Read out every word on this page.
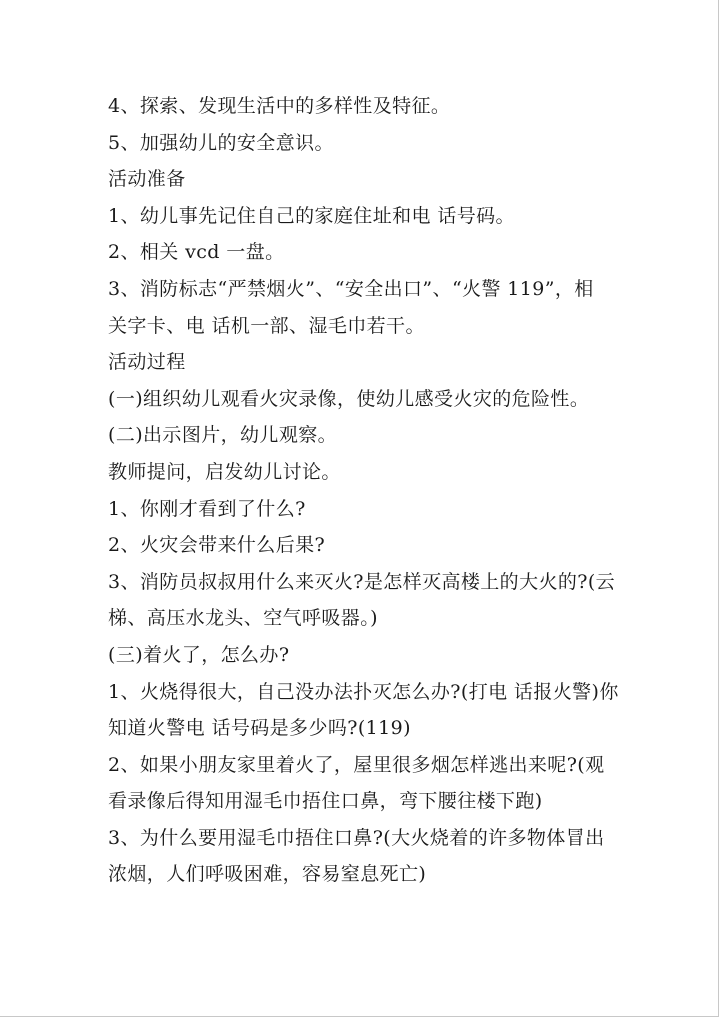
4、探索、发现生活中的多样性及特征。
5、加强幼儿的安全意识。
活动准备
1、幼儿事先记住自己的家庭住址和电 话号码。
2、相关 vcd 一盘。
3、消防标志“严禁烟火”、“安全出口”、“火警 119”，相
关字卡、电 话机一部、湿毛巾若干。
活动过程
(一)组织幼儿观看火灾录像，使幼儿感受火灾的危险性。
(二)出示图片，幼儿观察。
教师提问，启发幼儿讨论。
1、你刚才看到了什么?
2、火灾会带来什么后果?
3、消防员叔叔用什么来灭火?是怎样灭高楼上的大火的?(云
梯、高压水龙头、空气呼吸器。)
(三)着火了，怎么办?
1、火烧得很大，自己没办法扑灭怎么办?(打电 话报火警)你
知道火警电 话号码是多少吗?(119)
2、如果小朋友家里着火了，屋里很多烟怎样逃出来呢?(观
看录像后得知用湿毛巾捂住口鼻，弯下腰往楼下跑)
3、为什么要用湿毛巾捂住口鼻?(大火烧着的许多物体冒出
浓烟，人们呼吸困难，容易窒息死亡)
